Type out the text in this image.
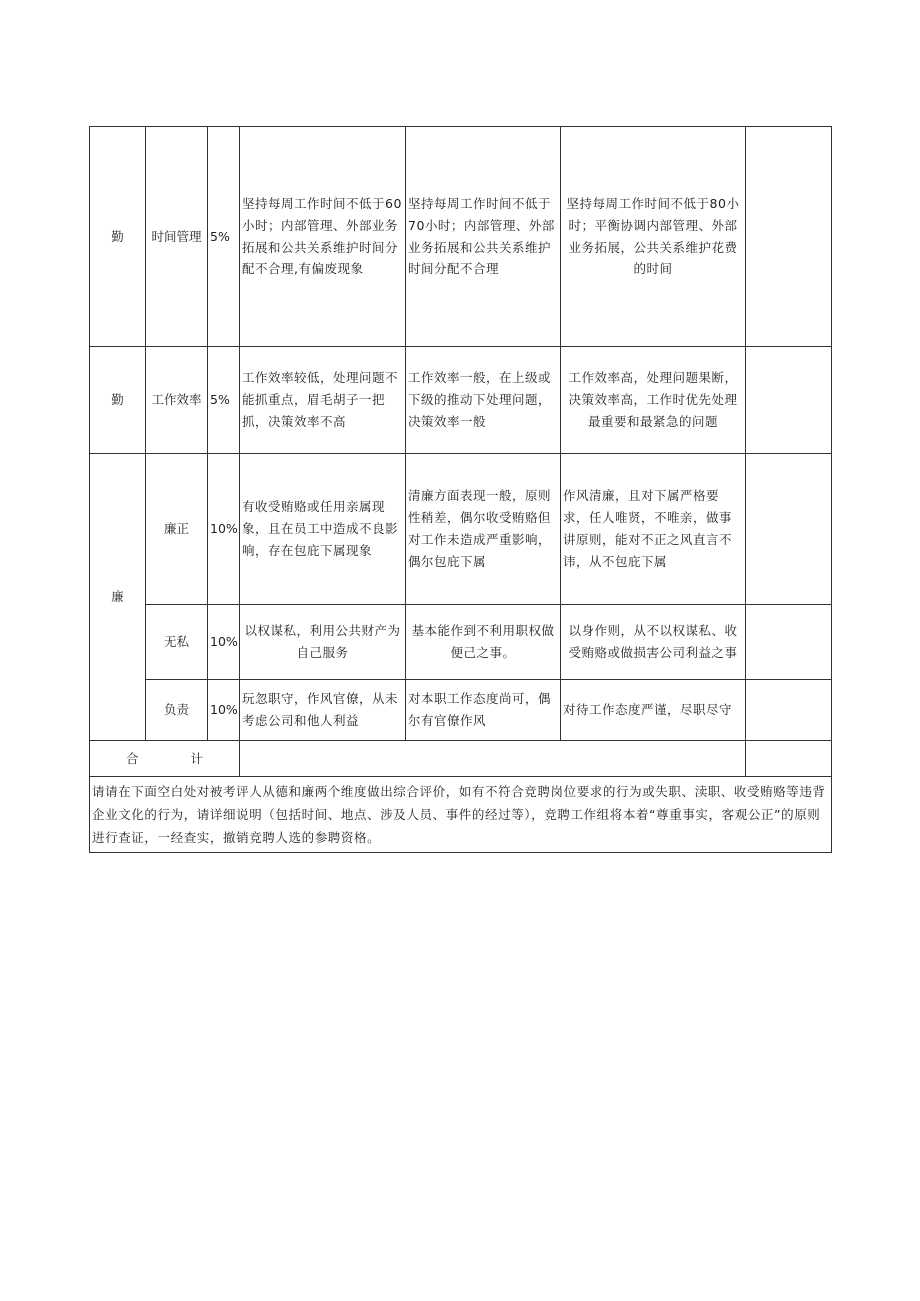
勤	时间管理	5%	坚持每周工作时间不低于60小时；内部管理、外部业务拓展和公共关系维护时间分配不合理,有偏废现象	坚持每周工作时间不低于70小时；内部管理、外部业务拓展和公共关系维护时间分配不合理	坚持每周工作时间不低于80小时；平衡协调内部管理、外部业务拓展，公共关系维护花费的时间	
勤	工作效率	5%	工作效率较低，处理问题不能抓重点，眉毛胡子一把抓，决策效率不高	工作效率一般，在上级或下级的推动下处理问题，决策效率一般	工作效率高，处理问题果断，决策效率高，工作时优先处理最重要和最紧急的问题	
廉	廉正	10%	有收受贿赂或任用亲属现象，且在员工中造成不良影响，存在包庇下属现象	清廉方面表现一般，原则性稍差，偶尔收受贿赂但对工作未造成严重影响，偶尔包庇下属	作风清廉，且对下属严格要求，任人唯贤，不唯亲，做事讲原则，能对不正之风直言不讳，从不包庇下属	
	无私	10%	以权谋私，利用公共财产为自己服务	基本能作到不利用职权做便己之事。	以身作则，从不以权谋私、收受贿赂或做损害公司利益之事	
	负责	10%	玩忽职守，作风官僚，从未考虑公司和他人利益	对本职工作态度尚可，偶尔有官僚作风	对待工作态度严谨，尽职尽守	
合 计						
请请在下面空白处对被考评人从德和廉两个维度做出综合评价，如有不符合竞聘岗位要求的行为或失职、渎职、收受贿赂等违背企业文化的行为，请详细说明（包括时间、地点、涉及人员、事件的经过等），竞聘工作组将本着“尊重事实，客观公正”的原则进行查证，一经查实，撤销竞聘人选的参聘资格。						
